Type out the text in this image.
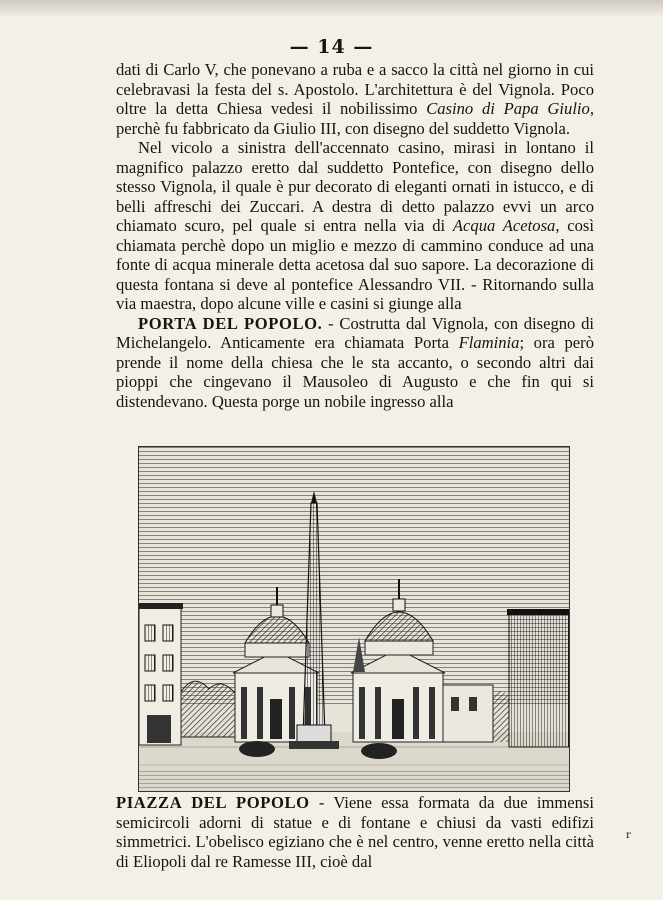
— 14 —

dati di Carlo V, che ponevano a ruba e a sacco la città nel giorno in cui celebravasi la festa del s. Apostolo. L'architettura è del Vignola. Poco oltre la detta Chiesa vedesi il nobilissimo Casino di Papa Giulio, perchè fu fabbricato da Giulio III, con disegno del suddetto Vignola.

Nel vicolo a sinistra dell'accennato casino, mirasi in lontano il magnifico palazzo eretto dal suddetto Pontefice, con disegno dello stesso Vignola, il quale è pur decorato di eleganti ornati in istucco, e di belli affreschi dei Zuccari. A destra di detto palazzo evvi un arco chiamato scuro, pel quale si entra nella via di Acqua Acetosa, così chiamata perchè dopo un miglio e mezzo di cammino conduce ad una fonte di acqua minerale detta acetosa dal suo sapore. La decorazione di questa fontana si deve al pontefice Alessandro VII. - Ritornando sulla via maestra, dopo alcune ville e casini si giunge alla

PORTA DEL POPOLO. - Costrutta dal Vignola, con disegno di Michelangelo. Anticamente era chiamata Porta Flaminia; ora però prende il nome della chiesa che le sta accanto, o secondo altri dai pioppi che cingevano il Mausoleo di Augusto e che fin qui si distendevano. Questa porge un nobile ingresso alla

PIAZZA DEL POPOLO - Viene essa formata da due immensi semicircoli adorni di statue e di fontane e chiusi da vasti edifizi simmetrici. L'obelisco egiziano che è nel centro, venne eretto nella città di Eliopoli dal re Ramesse III, cioè dal

r
